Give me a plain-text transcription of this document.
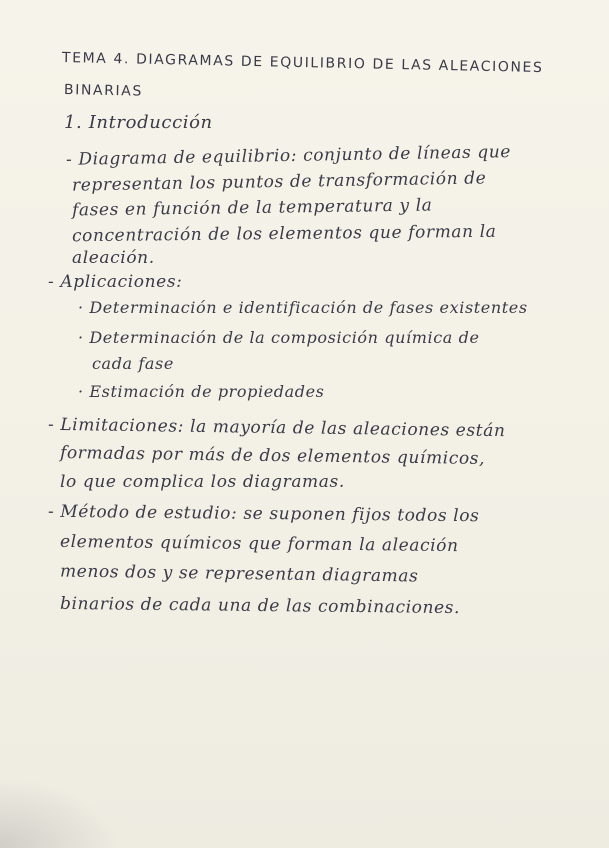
TEMA 4. DIAGRAMAS DE EQUILIBRIO DE LAS ALEACIONES
BINARIAS
1. Introducción
- Diagrama de equilibrio: conjunto de líneas que
representan los puntos de transformación de
fases en función de la temperatura y la
concentración de los elementos que forman la
aleación.
- Aplicaciones:
· Determinación e identificación de fases existentes
· Determinación de la composición química de
cada fase
· Estimación de propiedades
- Limitaciones: la mayoría de las aleaciones están
formadas por más de dos elementos químicos,
lo que complica los diagramas.
- Método de estudio: se suponen fijos todos los
elementos químicos que forman la aleación
menos dos y se representan diagramas
binarios de cada una de las combinaciones.
